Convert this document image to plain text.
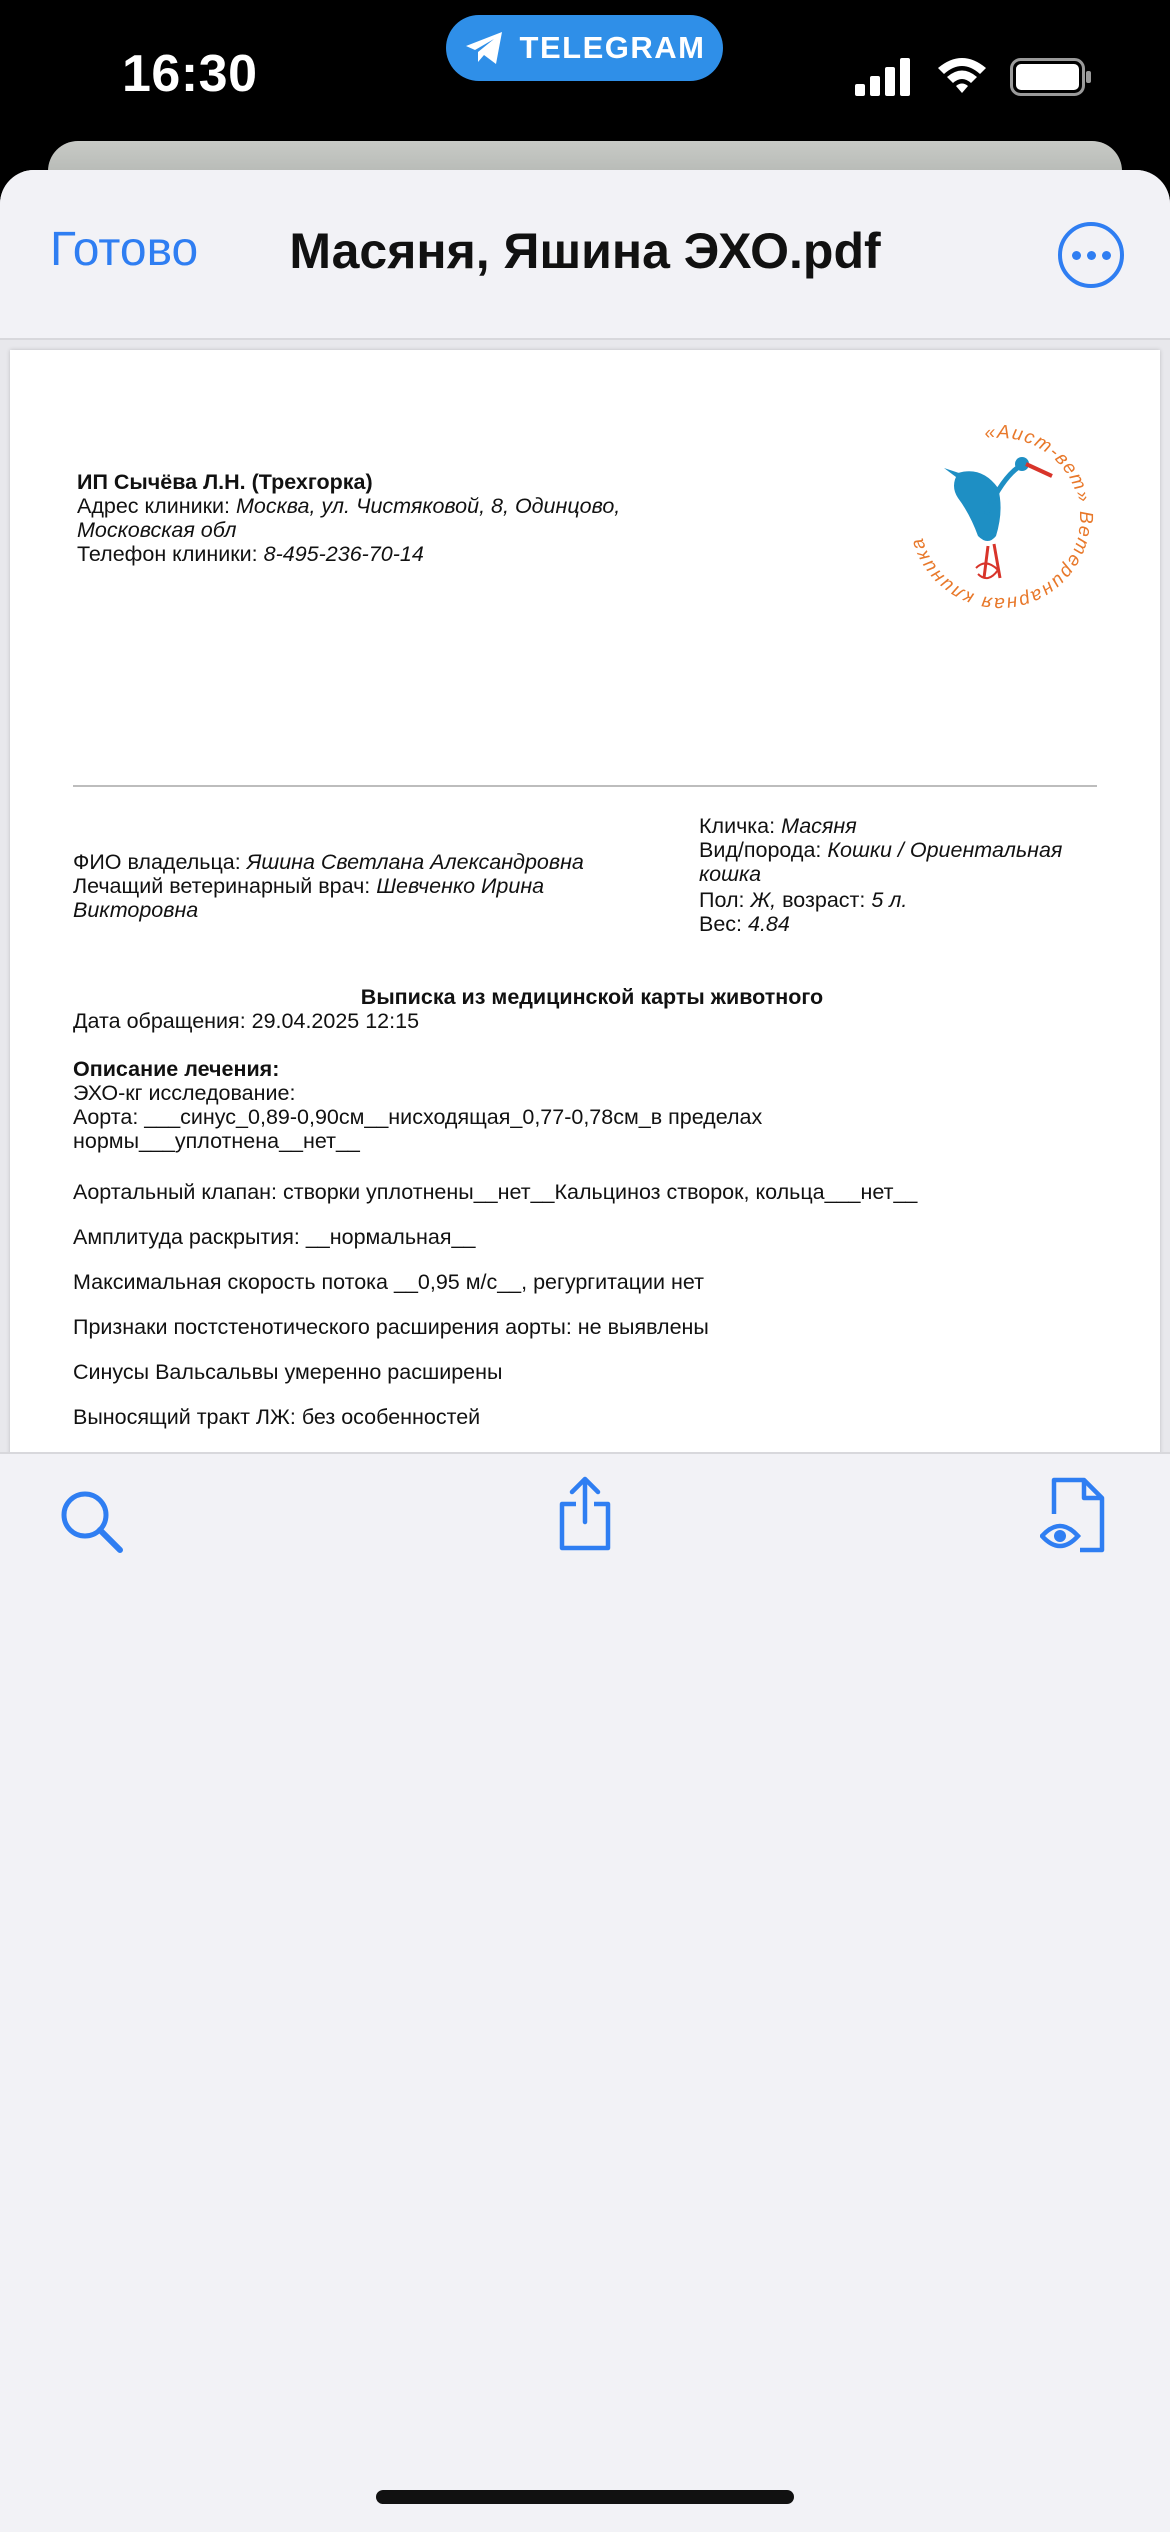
16:30	TELEGRAM
Готово	Масяня, Яшина ЭХО.pdf
ИП Сычёва Л.Н. (Трехгорка)
Адрес клиники: Москва, ул. Чистяковой, 8, Одинцово,
Московская обл
Телефон клиники: 8-495-236-70-14
«Аист-вет» Ветеринарная клиника
Кличка: Масяня
Вид/порода: Кошки / Ориентальная
кошка
Пол: Ж, возраст: 5 л.
Вес: 4.84
ФИО владельца: Яшина Светлана Александровна
Лечащий ветеринарный врач: Шевченко Ирина
Викторовна
Выписка из медицинской карты животного
Дата обращения: 29.04.2025 12:15
Описание лечения:
ЭХО-кг исследование:
Аорта: ___синус_0,89-0,90см__нисходящая_0,77-0,78см_в пределах
нормы___уплотнена__нет__
Аортальный клапан: створки уплотнены__нет__Кальциноз створок, кольца___нет__
Амплитуда раскрытия: __нормальная__
Максимальная скорость потока __0,95 м/с__, регургитации нет
Признаки постстенотического расширения аорты: не выявлены
Синусы Вальсальвы умеренно расширены
Выносящий тракт ЛЖ: без особенностей
